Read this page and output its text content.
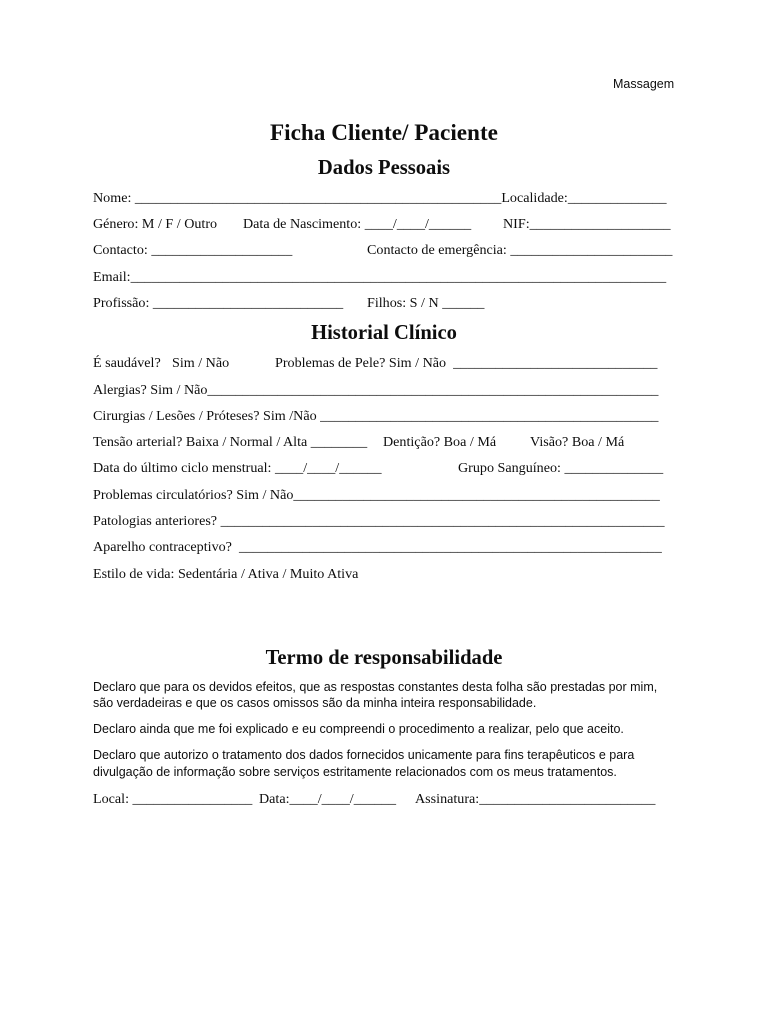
Massagem
Ficha Cliente/ Paciente
Dados Pessoais
Nome: ____________________________________________________Localidade:______________
Género: M / F / Outro Data de Nascimento: ____/____/______ NIF:____________________
Contacto: ____________________	Contacto de emergência: _______________________
Email:____________________________________________________________________________
Profissão: ___________________________ Filhos: S / N ______
Historial Clínico
É saudável? Sim / Não	Problemas de Pele? Sim / Não  _____________________________
Alergias? Sim / Não________________________________________________________________
Cirurgias / Lesões / Próteses? Sim /Não ________________________________________________
Tensão arterial? Baixa / Normal / Alta ________ Dentição? Boa / Má Visão? Boa / Má
Data do último ciclo menstrual: ____/____/______	Grupo Sanguíneo: ______________
Problemas circulatórios? Sim / Não____________________________________________________
Patologias anteriores? _______________________________________________________________
Aparelho contraceptivo?  ____________________________________________________________
Estilo de vida: Sedentária / Ativa / Muito Ativa
Termo de responsabilidade
Declaro que para os devidos efeitos, que as respostas constantes desta folha são prestadas por mim,
são verdadeiras e que os casos omissos são da minha inteira responsabilidade.
Declaro ainda que me foi explicado e eu compreendi o procedimento a realizar, pelo que aceito.
Declaro que autorizo o tratamento dos dados fornecidos unicamente para fins terapêuticos e para
divulgação de informação sobre serviços estritamente relacionados com os meus tratamentos.
Local: _________________ Data:____/____/______ Assinatura:_________________________
